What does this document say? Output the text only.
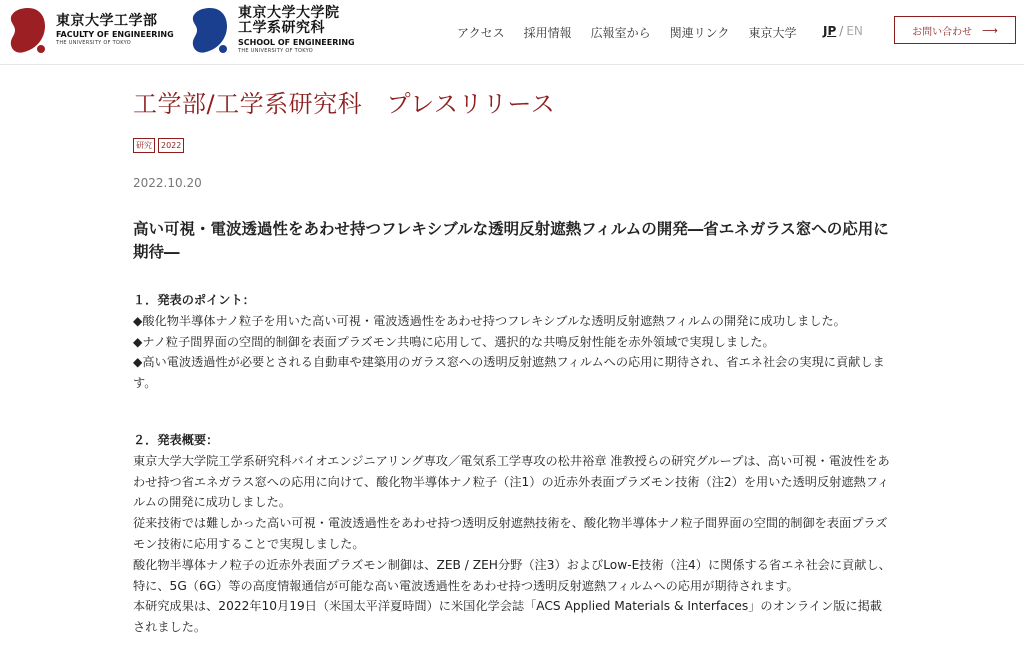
東京大学工学部
FACULTY OF ENGINEERING
THE UNIVERSITY OF TOKYO
東京大学大学院
工学系研究科
SCHOOL OF ENGINEERING
THE UNIVERSITY OF TOKYO
アクセス 採用情報 広報室から 関連リンク 東京大学 JP / EN	お問い合わせ ⟶
工学部/工学系研究科　プレスリリース
研究	2022
2022.10.20
高い可視・電波透過性をあわせ持つフレキシブルな透明反射遮熱フィルムの開発―省エネガラス窓への応用に期待―

１．発表のポイント：

◆酸化物半導体ナノ粒子を用いた高い可視・電波透過性をあわせ持つフレキシブルな透明反射遮熱フィルムの開発に成功しました。

◆ナノ粒子間界面の空間的制御を表面プラズモン共鳴に応用して、選択的な共鳴反射性能を赤外領域で実現しました。

◆高い電波透過性が必要とされる自動車や建築用のガラス窓への透明反射遮熱フィルムへの応用に期待され、省エネ社会の実現に貢献します。

２．発表概要：

東京大学大学院工学系研究科バイオエンジニアリング専攻／電気系工学専攻の松井裕章 准教授らの研究グループは、高い可視・電波性をあわせ持つ省エネガラス窓への応用に向けて、酸化物半導体ナノ粒子（注1）の近赤外表面プラズモン技術（注2）を用いた透明反射遮熱フィルムの開発に成功しました。

従来技術では難しかった高い可視・電波透過性をあわせ持つ透明反射遮熱技術を、酸化物半導体ナノ粒子間界面の空間的制御を表面プラズモン技術に応用することで実現しました。

酸化物半導体ナノ粒子の近赤外表面プラズモン制御は、ZEB / ZEH分野（注3）およびLow-E技術（注4）に関係する省エネ社会に貢献し、特に、5G（6G）等の高度情報通信が可能な高い電波透過性をあわせ持つ透明反射遮熱フィルムへの応用が期待されます。

本研究成果は、2022年10月19日（米国太平洋夏時間）に米国化学会誌「ACS Applied Materials & Interfaces」のオンライン版に掲載されました。
